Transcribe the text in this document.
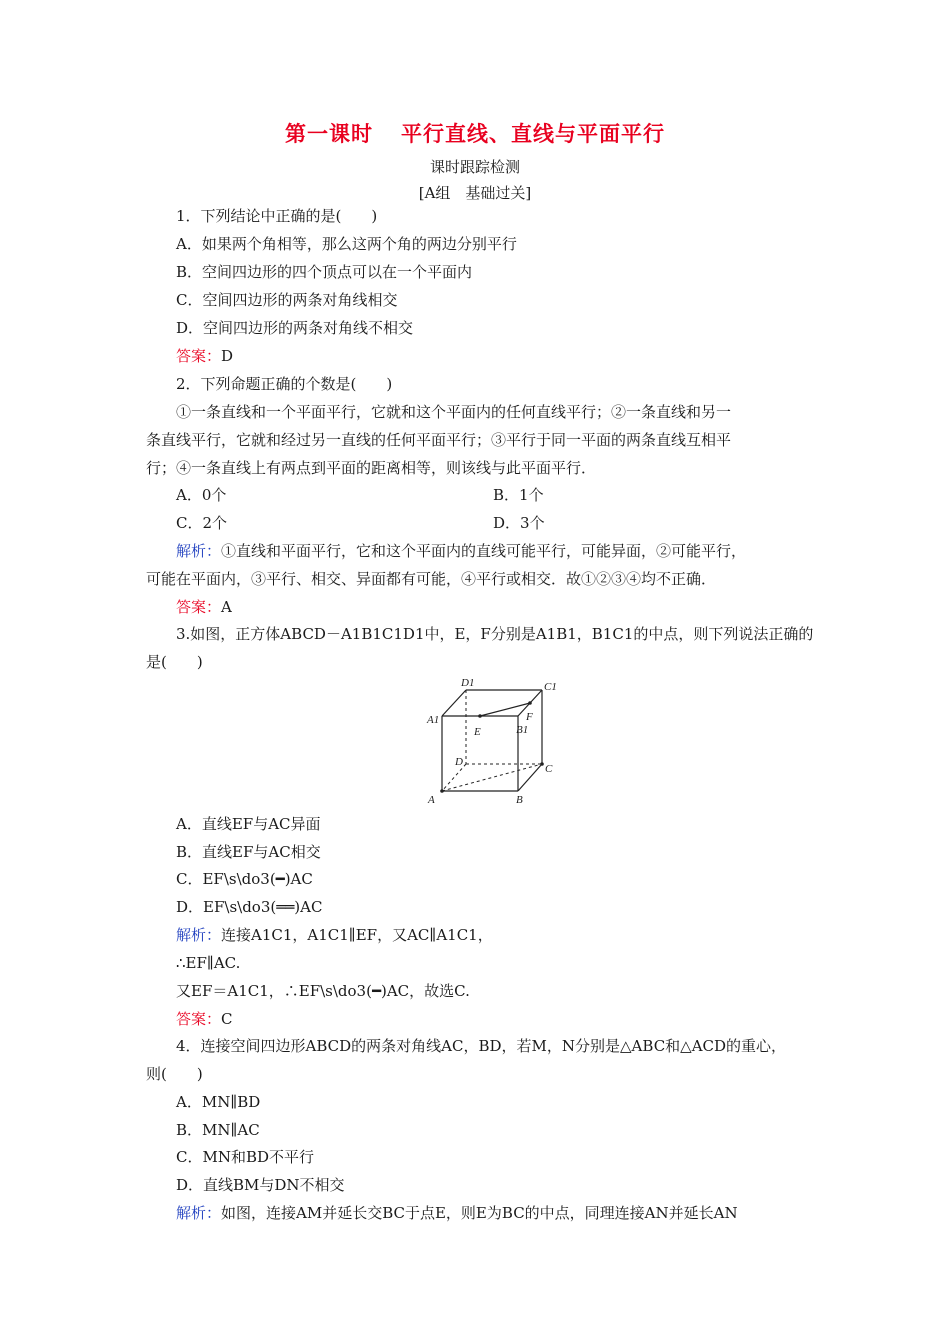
第一课时 平行直线、直线与平面平行
课时跟踪检测
[A组　基础过关]
1．下列结论中正确的是(　　)
A．如果两个角相等，那么这两个角的两边分别平行
B．空间四边形的四个顶点可以在一个平面内
C．空间四边形的两条对角线相交
D．空间四边形的两条对角线不相交
答案：D
2．下列命题正确的个数是(　　)
①一条直线和一个平面平行，它就和这个平面内的任何直线平行；②一条直线和另一
条直线平行，它就和经过另一直线的任何平面平行；③平行于同一平面的两条直线互相平
行；④一条直线上有两点到平面的距离相等，则该线与此平面平行．
A．0个	B．1个
C．2个	D．3个
解析：①直线和平面平行，它和这个平面内的直线可能平行，可能异面，②可能平行，
可能在平面内，③平行、相交、异面都有可能，④平行或相交．故①②③④均不正确．
答案：A
3.如图，正方体ABCD－A1B1C1D1中，E，F分别是A1B1，B1C1的中点，则下列说法正确的
是(　　)
D1	C1
A1	F
E	B1
D
C
A	B
A．直线EF与AC异面
B．直线EF与AC相交
C．EF\s\do3(━)AC
D．EF\s\do3(══)AC
解析：连接A1C1，A1C1∥EF，又AC∥A1C1，
∴EF∥AC.
又EF＝A1C1，∴EF\s\do3(━)AC，故选C.
答案：C
4．连接空间四边形ABCD的两条对角线AC，BD，若M，N分别是△ABC和△ACD的重心，
则(　　)
A．MN∥BD
B．MN∥AC
C．MN和BD不平行
D．直线BM与DN不相交
解析：如图，连接AM并延长交BC于点E，则E为BC的中点，同理连接AN并延长AN
